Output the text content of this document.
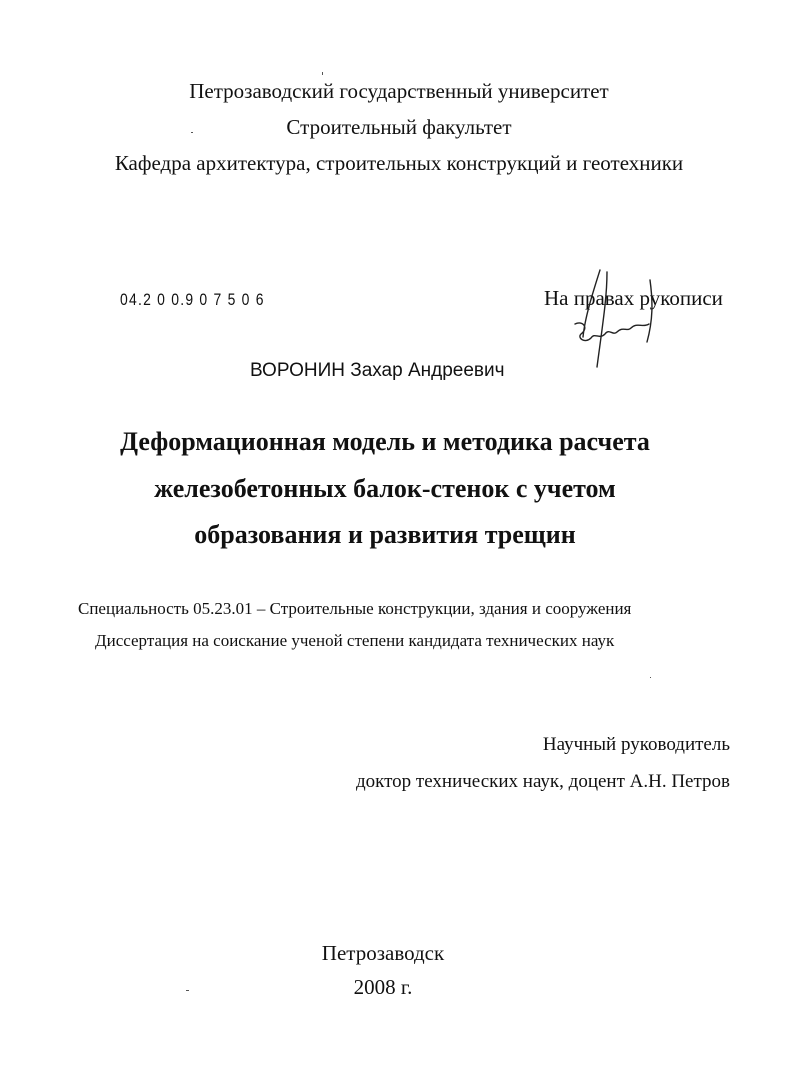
Петрозаводский государственный университет
Строительный факультет
Кафедра архитектура, строительных конструкций и геотехники
04.2 0 0.9 0 7 5 0 6	На правах рукописи
ВОРОНИН Захар Андреевич
Деформационная модель и методика расчета
железобетонных балок-стенок с учетом
образования и развития трещин
Специальность 05.23.01 – Строительные конструкции, здания и сооружения
Диссертация на соискание ученой степени кандидата технических наук
Научный руководитель
доктор технических наук, доцент А.Н. Петров
Петрозаводск
2008 г.
